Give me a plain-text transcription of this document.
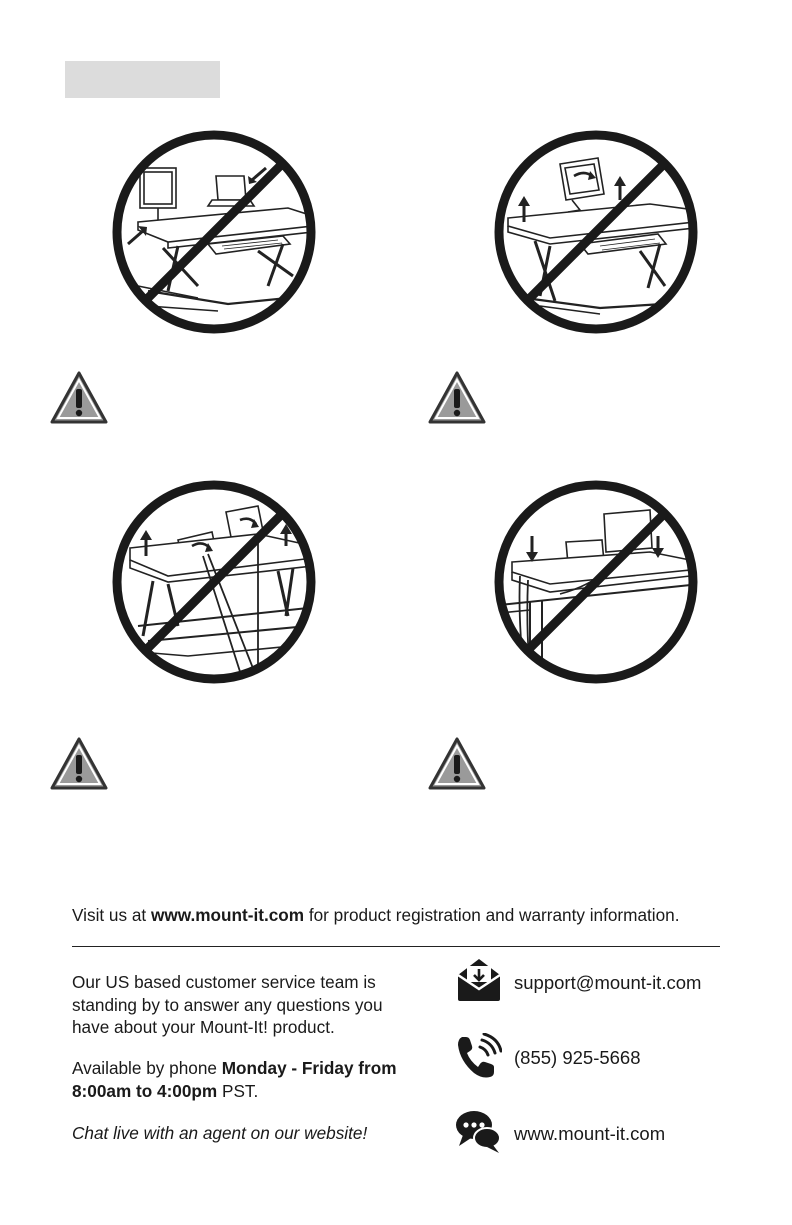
Visit us at www.mount-it.com for product registration and warranty information.
Our US based customer service team is standing by to answer any questions you have about your Mount-It! product.
Available by phone Monday - Friday from 8:00am to 4:00pm PST.
Chat live with an agent on our website!
support@mount-it.com
(855) 925-5668
www.mount-it.com
